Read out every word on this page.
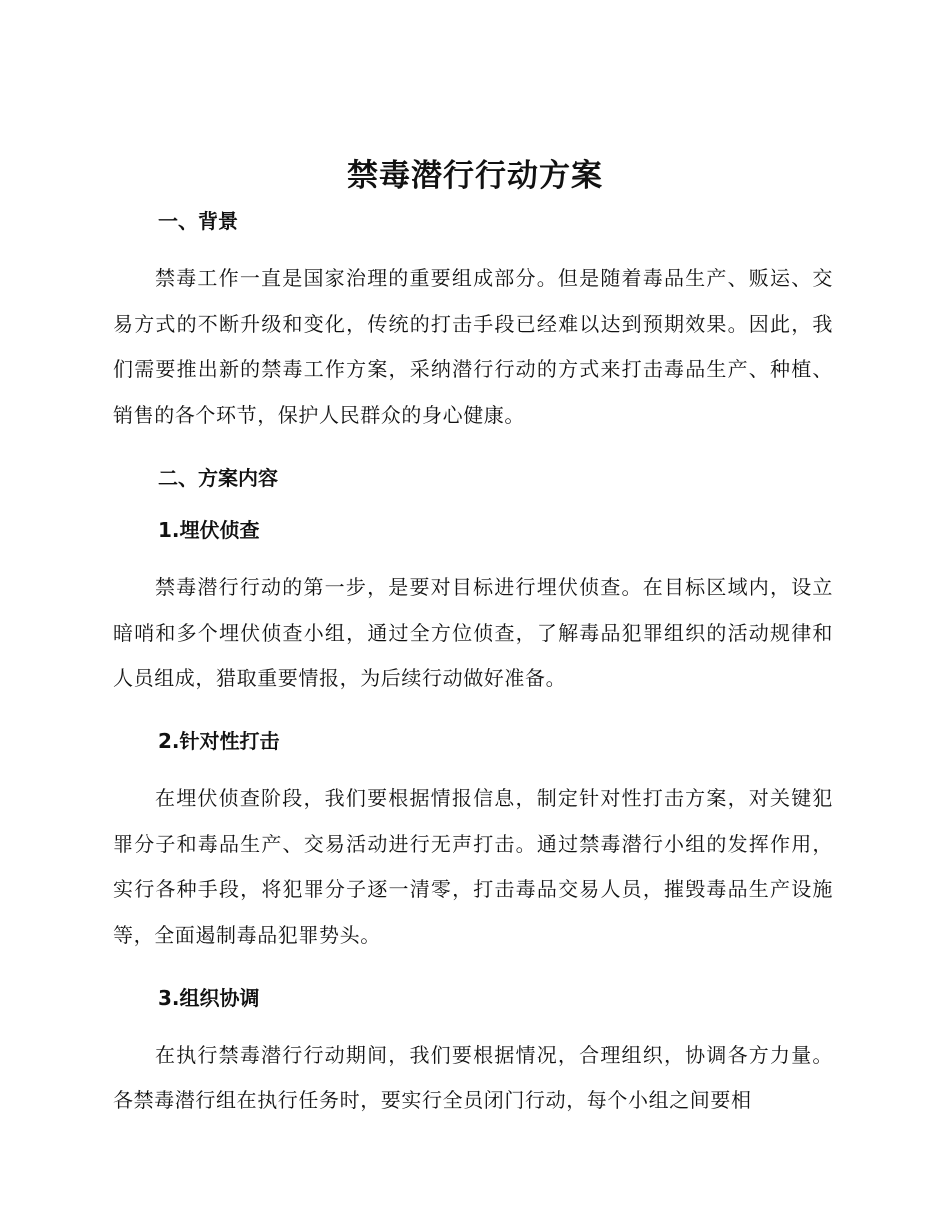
禁毒潜行行动方案
一、背景

禁毒工作一直是国家治理的重要组成部分。但是随着毒品生产、贩运、交易方式的不断升级和变化，传统的打击手段已经难以达到预期效果。因此，我们需要推出新的禁毒工作方案，采纳潜行行动的方式来打击毒品生产、种植、销售的各个环节，保护人民群众的身心健康。

二、方案内容
1.埋伏侦查

禁毒潜行行动的第一步，是要对目标进行埋伏侦查。在目标区域内，设立暗哨和多个埋伏侦查小组，通过全方位侦查，了解毒品犯罪组织的活动规律和人员组成，猎取重要情报，为后续行动做好准备。

2.针对性打击

在埋伏侦查阶段，我们要根据情报信息，制定针对性打击方案，对关键犯罪分子和毒品生产、交易活动进行无声打击。通过禁毒潜行小组的发挥作用，实行各种手段，将犯罪分子逐一清零，打击毒品交易人员，摧毁毒品生产设施等，全面遏制毒品犯罪势头。

3.组织协调

在执行禁毒潜行行动期间，我们要根据情况，合理组织，协调各方力量。各禁毒潜行组在执行任务时，要实行全员闭门行动，每个小组之间要相
